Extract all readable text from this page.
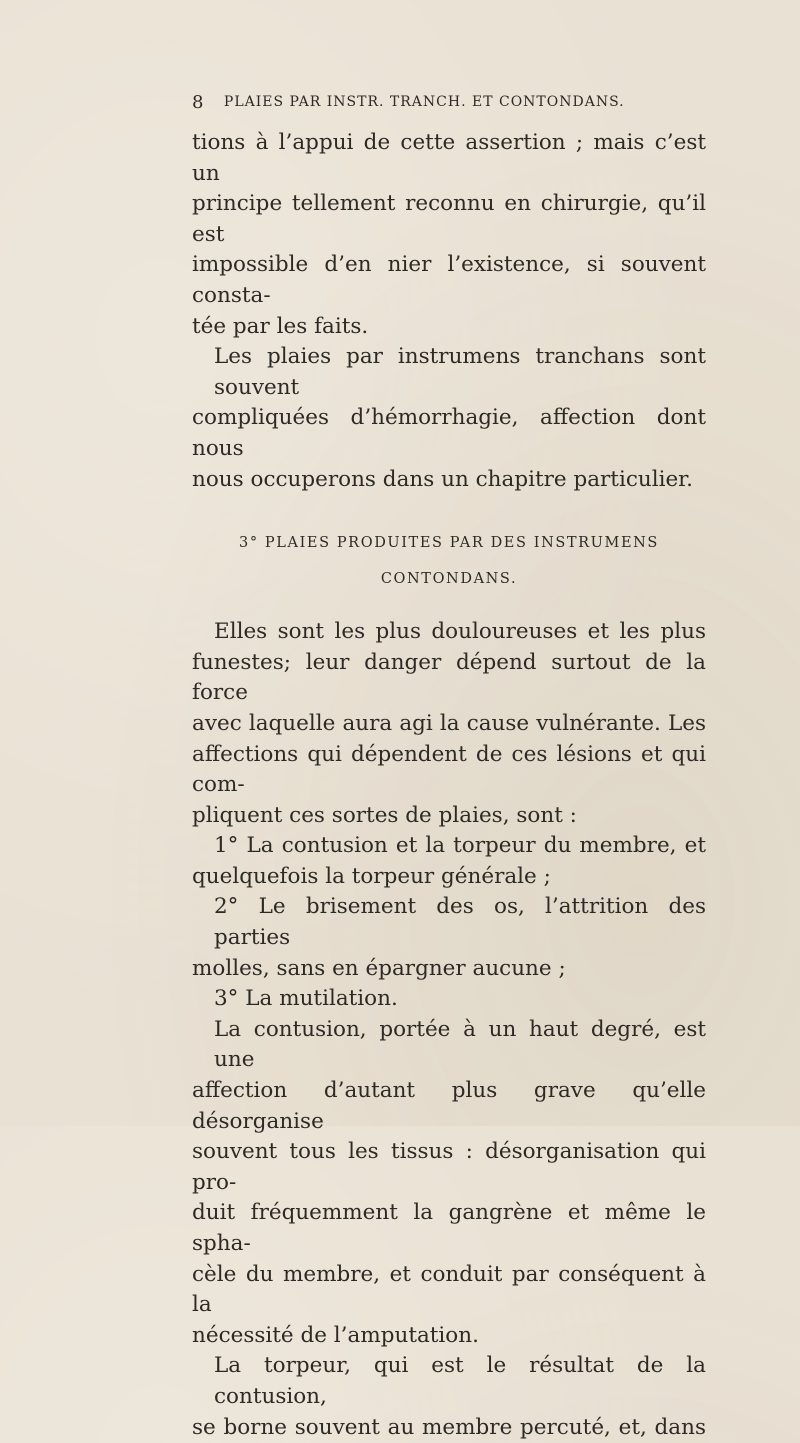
8 PLAIES PAR INSTR. TRANCH. ET CONTONDANS.

tions à l’appui de cette assertion ; mais c’est un
principe tellement reconnu en chirurgie, qu’il est
impossible d’en nier l’existence, si souvent consta-
tée par les faits.

Les plaies par instrumens tranchans sont souvent
compliquées d’hémorrhagie, affection dont nous
nous occuperons dans un chapitre particulier.

3° PLAIES PRODUITES PAR DES INSTRUMENS
CONTONDANS.

Elles sont les plus douloureuses et les plus
funestes; leur danger dépend surtout de la force
avec laquelle aura agi la cause vulnérante. Les
affections qui dépendent de ces lésions et qui com-
pliquent ces sortes de plaies, sont :

1° La contusion et la torpeur du membre, et
quelquefois la torpeur générale ;

2° Le brisement des os, l’attrition des parties
molles, sans en épargner aucune ;

3° La mutilation.

La contusion, portée à un haut degré, est une
affection d’autant plus grave qu’elle désorganise
souvent tous les tissus : désorganisation qui pro-
duit fréquemment la gangrène et même le spha-
cèle du membre, et conduit par conséquent à la
nécessité de l’amputation.

La torpeur, qui est le résultat de la contusion,
se borne souvent au membre percuté, et, dans
